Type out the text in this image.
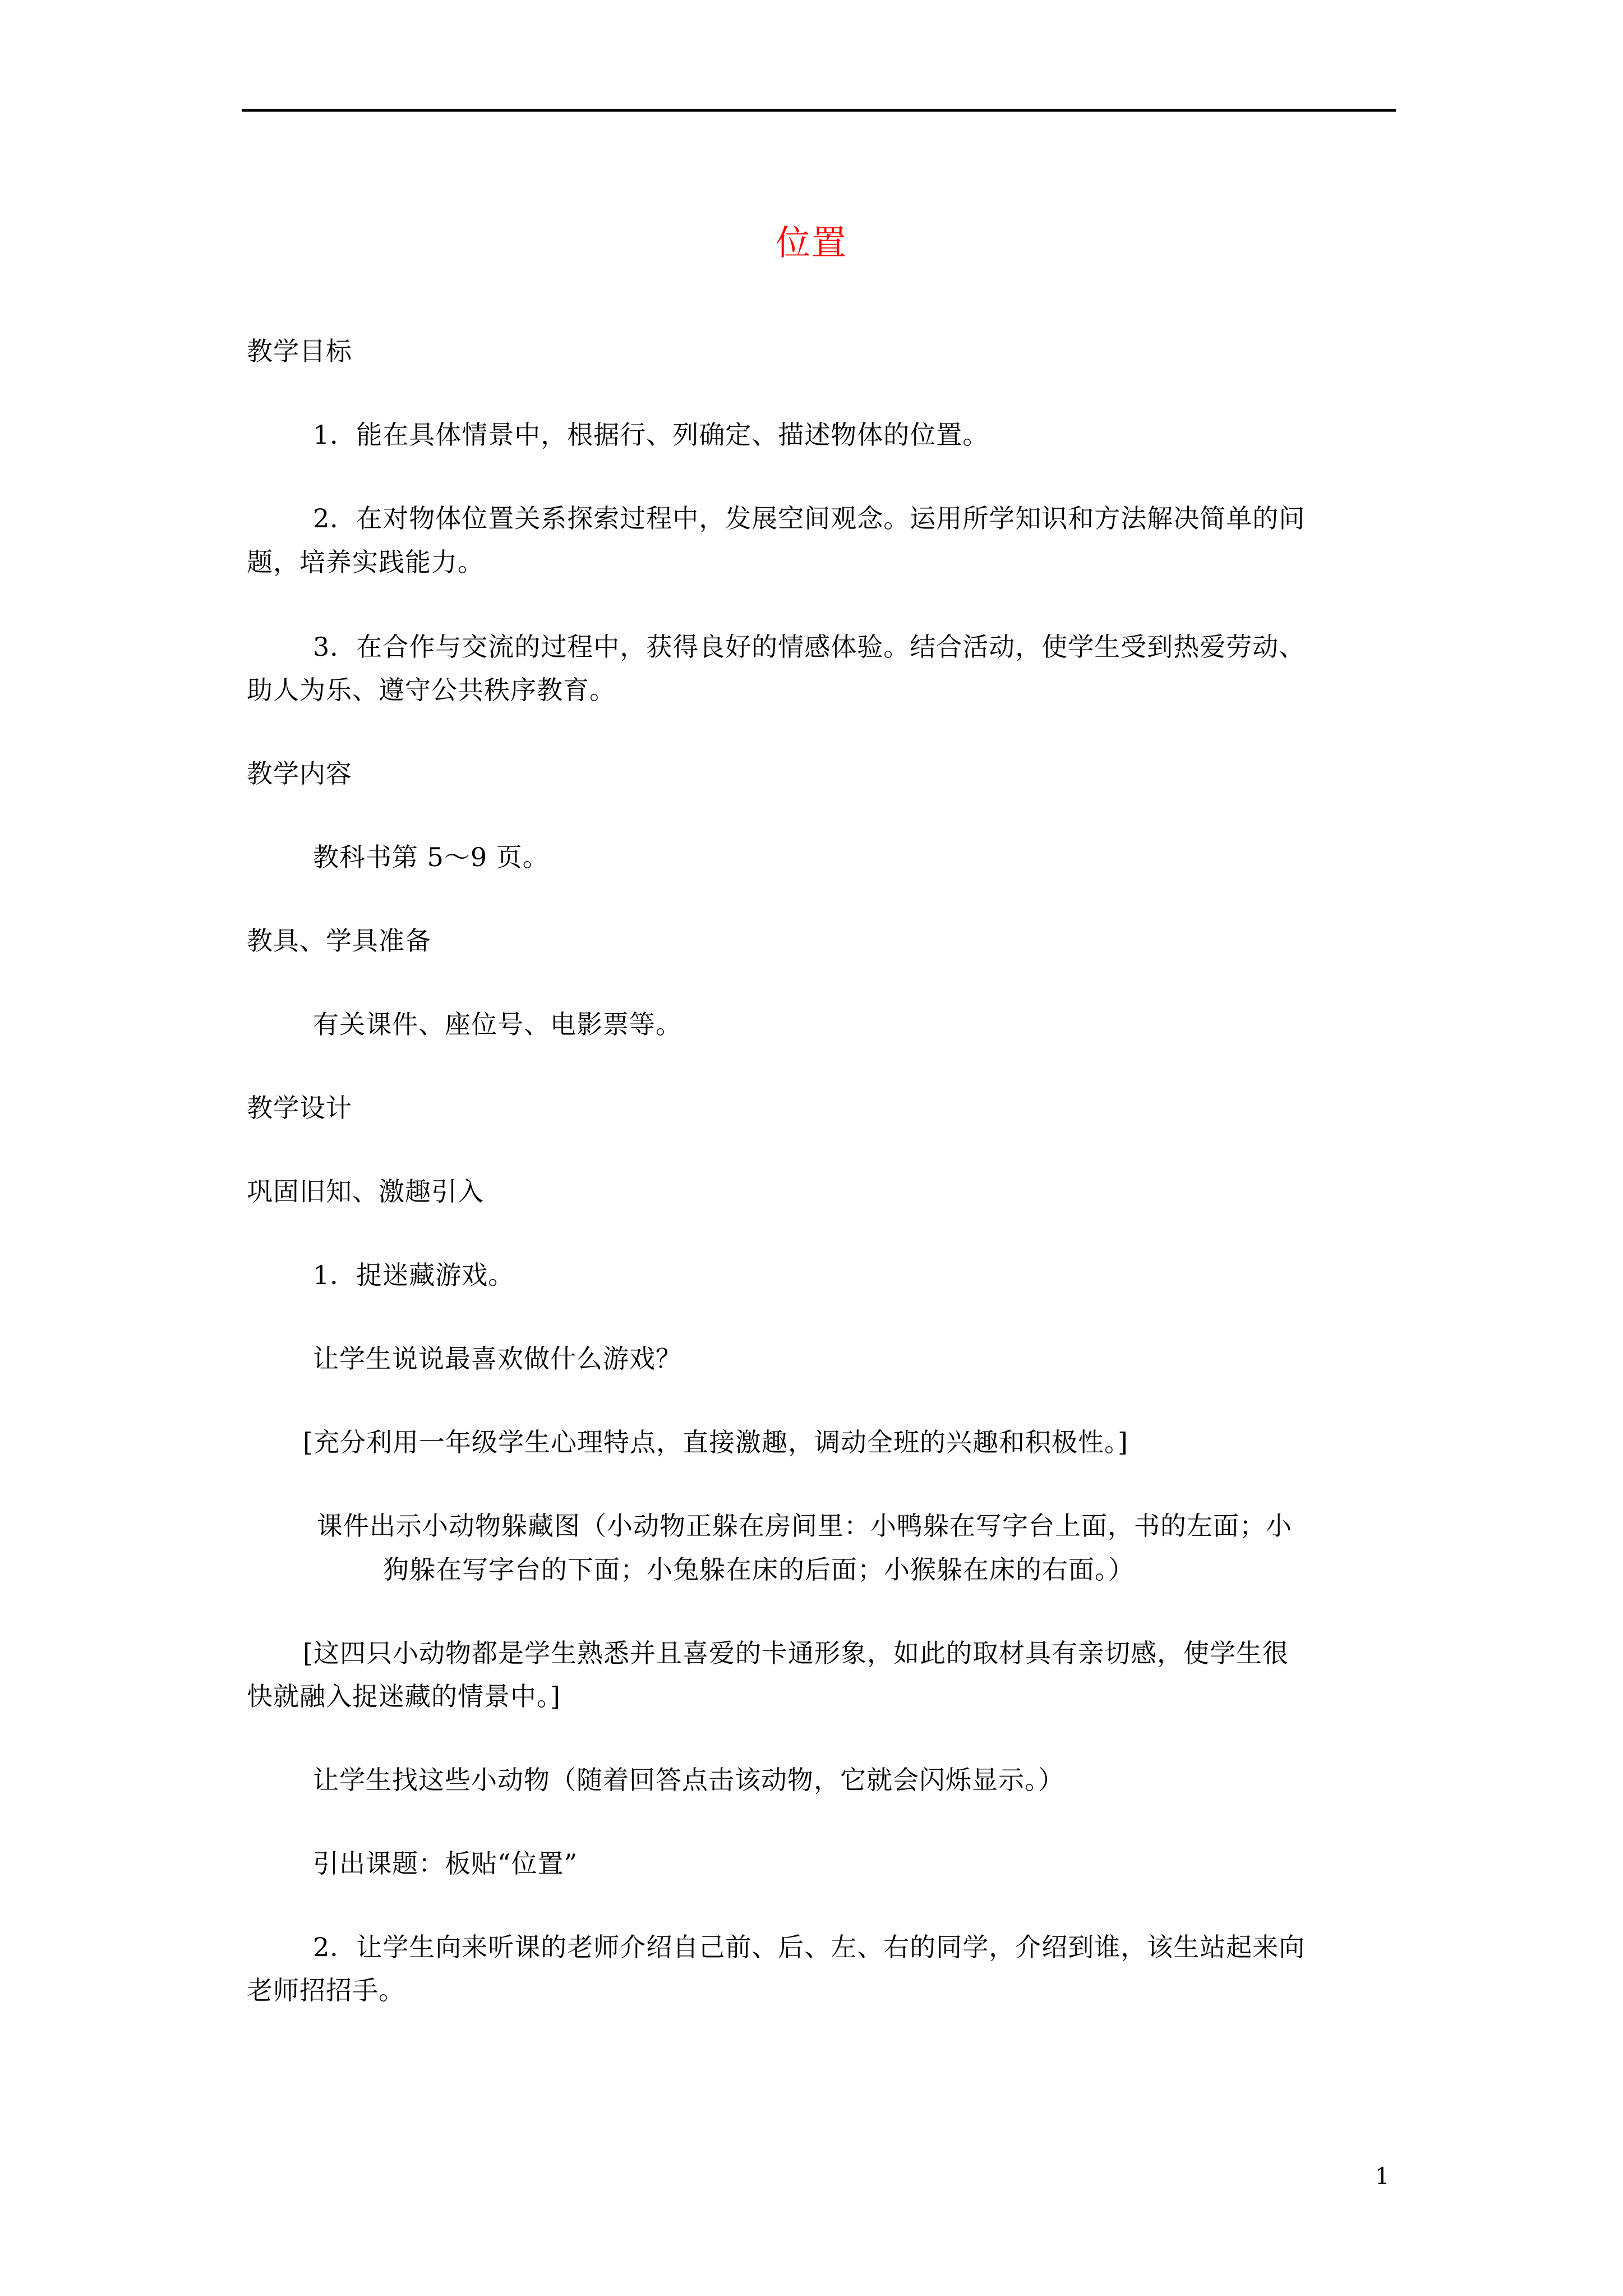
位置
教学目标
1．能在具体情景中，根据行、列确定、描述物体的位置。
2．在对物体位置关系探索过程中，发展空间观念。运用所学知识和方法解决简单的问
题，培养实践能力。
3．在合作与交流的过程中，获得良好的情感体验。结合活动，使学生受到热爱劳动、
助人为乐、遵守公共秩序教育。
教学内容
教科书第 5～9 页。
教具、学具准备
有关课件、座位号、电影票等。
教学设计
巩固旧知、激趣引入
1．捉迷藏游戏。
让学生说说最喜欢做什么游戏？
[充分利用一年级学生心理特点，直接激趣，调动全班的兴趣和积极性。]
课件出示小动物躲藏图（小动物正躲在房间里：小鸭躲在写字台上面，书的左面；小
狗躲在写字台的下面；小兔躲在床的后面；小猴躲在床的右面。）
[这四只小动物都是学生熟悉并且喜爱的卡通形象，如此的取材具有亲切感，使学生很
快就融入捉迷藏的情景中。]
让学生找这些小动物（随着回答点击该动物，它就会闪烁显示。）
引出课题：板贴“位置”
2．让学生向来听课的老师介绍自己前、后、左、右的同学，介绍到谁，该生站起来向
老师招招手。
1
